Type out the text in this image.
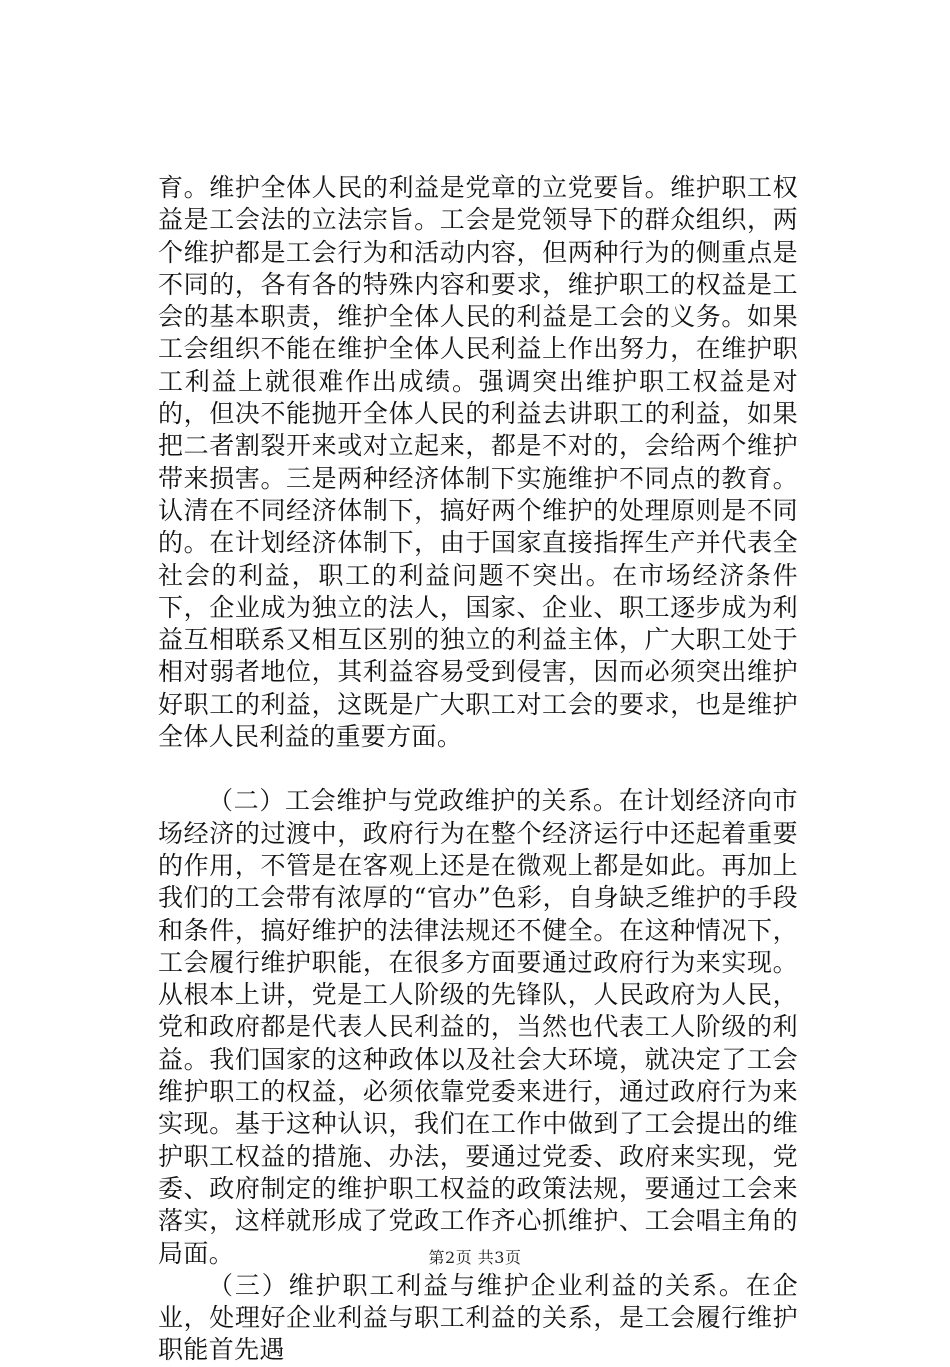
育。维护全体人民的利益是党章的立党要旨。维护职工权益是工会法的立法宗旨。工会是党领导下的群众组织，两个维护都是工会行为和活动内容，但两种行为的侧重点是不同的，各有各的特殊内容和要求，维护职工的权益是工会的基本职责，维护全体人民的利益是工会的义务。如果工会组织不能在维护全体人民利益上作出努力，在维护职工利益上就很难作出成绩。强调突出维护职工权益是对的，但决不能抛开全体人民的利益去讲职工的利益，如果把二者割裂开来或对立起来，都是不对的，会给两个维护带来损害。三是两种经济体制下实施维护不同点的教育。认清在不同经济体制下，搞好两个维护的处理原则是不同的。在计划经济体制下，由于国家直接指挥生产并代表全社会的利益，职工的利益问题不突出。在市场经济条件下，企业成为独立的法人，国家、企业、职工逐步成为利益互相联系又相互区别的独立的利益主体，广大职工处于相对弱者地位，其利益容易受到侵害，因而必须突出维护好职工的利益，这既是广大职工对工会的要求，也是维护全体人民利益的重要方面。

（二）工会维护与党政维护的关系。在计划经济向市场经济的过渡中，政府行为在整个经济运行中还起着重要的作用，不管是在客观上还是在微观上都是如此。再加上我们的工会带有浓厚的“官办”色彩，自身缺乏维护的手段和条件，搞好维护的法律法规还不健全。在这种情况下，工会履行维护职能，在很多方面要通过政府行为来实现。从根本上讲，党是工人阶级的先锋队，人民政府为人民，党和政府都是代表人民利益的，当然也代表工人阶级的利益。我们国家的这种政体以及社会大环境，就决定了工会维护职工的权益，必须依靠党委来进行，通过政府行为来实现。基于这种认识，我们在工作中做到了工会提出的维护职工权益的措施、办法，要通过党委、政府来实现，党委、政府制定的维护职工权益的政策法规，要通过工会来落实，这样就形成了党政工作齐心抓维护、工会唱主角的局面。

（三）维护职工利益与维护企业利益的关系。在企业，处理好企业利益与职工利益的关系，是工会履行维护职能首先遇

第2页 共3页
